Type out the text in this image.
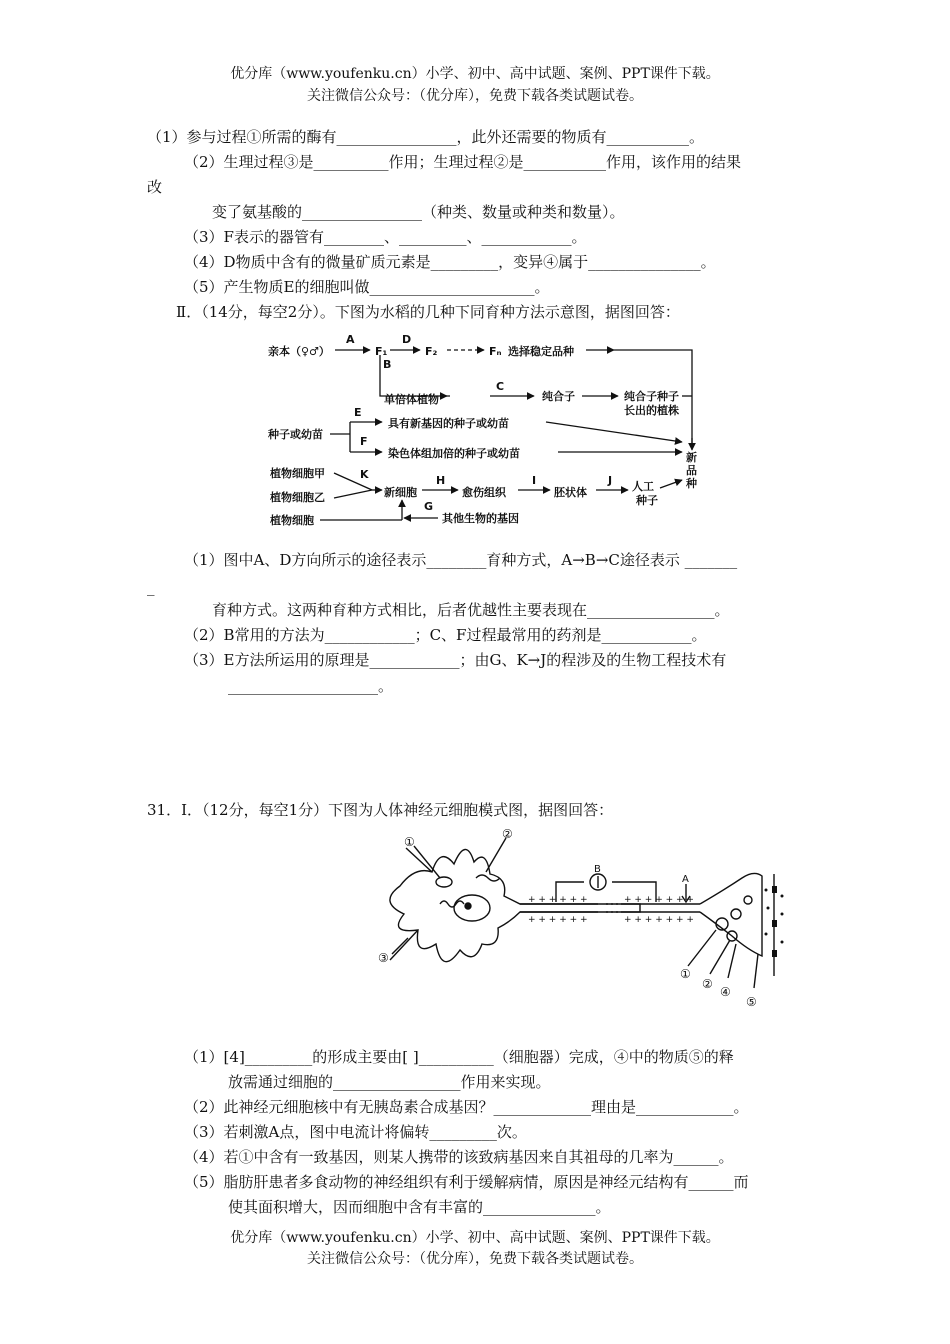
优分库（www.youfenku.cn）小学、初中、高中试题、案例、PPT课件下载。
关注微信公众号：（优分库），免费下载各类试题试卷。
（1）参与过程①所需的酶有________________，此外还需要的物质有___________。
（2）生理过程③是__________作用；生理过程②是___________作用，该作用的结果
改
变了氨基酸的________________（种类、数量或种类和数量）。
（3）F表示的器管有________、_________、____________。
（4）D物质中含有的微量矿质元素是_________，变异④属于_______________。
（5）产生物质E的细胞叫做______________________。
Ⅱ．（14分，每空2分）。下图为水稻的几种下同育种方法示意图，据图回答：
亲本（♀♂）
A
F₁
D
F₂	Fₙ 选择稳定品种
B
单倍体植物
C
纯合子	纯合子种子
长出的植株
E
种子或幼苗
具有新基因的种子或幼苗
F
染色体组加倍的种子或幼苗	新
品
种
植物细胞甲
植物细胞乙
植物细胞
K
新细胞
H
愈伤组织
I
胚状体
J 人工
种子
G
其他生物的基因
（1）图中A、D方向所示的途径表示________育种方式，A→B→C途径表示 _______
_
育种方式。这两种育种方式相比，后者优越性主要表现在_________________。
（2）B常用的方法为____________；C、F过程最常用的药剂是____________。
（3）E方法所运用的原理是____________；由G、K→J的程涉及的生物工程技术有
____________________。
31．Ⅰ．（12分，每空1分）下图为人体神经元细胞模式图，据图回答：
+ + + + + +
+ + + + + +
+ + + + + + +
+ + + + + + +
①
②
③
B
A
①
②
④
⑤
（1）[4]_________的形成主要由[ ]__________（细胞器）完成，④中的物质⑤的释
放需通过细胞的_________________作用来实现。
（2）此神经元细胞核中有无胰岛素合成基因？_____________理由是_____________。
（3）若刺激A点，图中电流计将偏转_________次。
（4）若①中含有一致基因，则某人携带的该致病基因来自其祖母的几率为______。
（5）脂肪肝患者多食动物的神经组织有利于缓解病情，原因是神经元结构有______而
使其面积增大，因而细胞中含有丰富的_______________。
优分库（www.youfenku.cn）小学、初中、高中试题、案例、PPT课件下载。
关注微信公众号：（优分库），免费下载各类试题试卷。
